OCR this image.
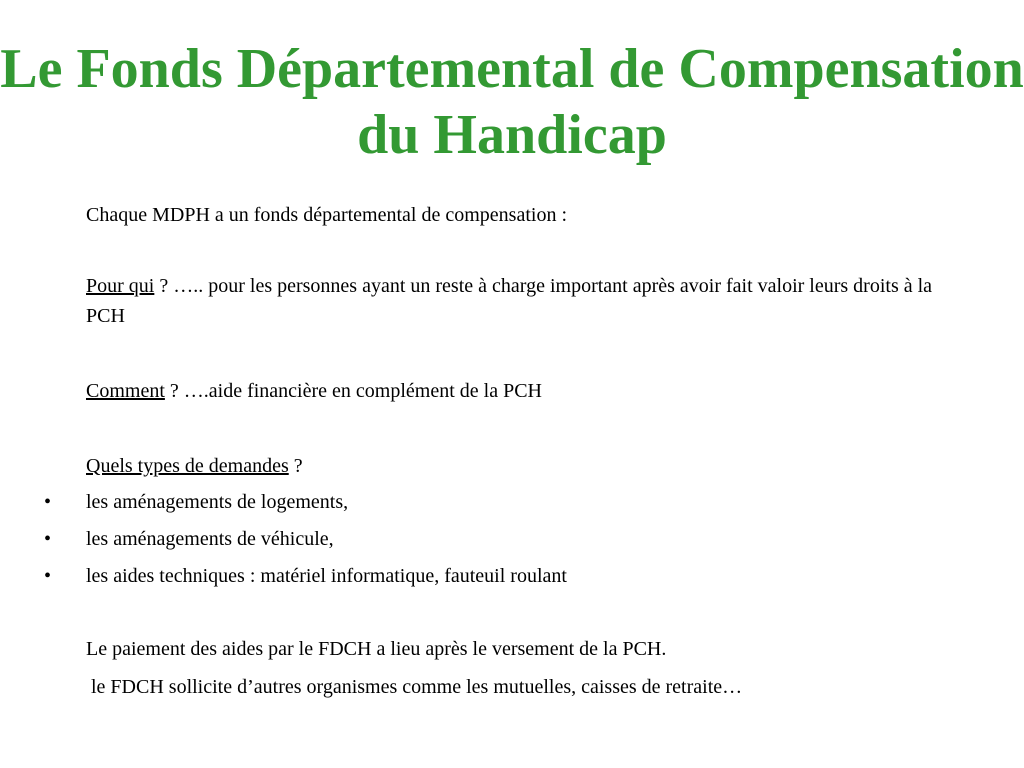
Le Fonds Départemental de Compensation du Handicap
Chaque MDPH a un fonds départemental de compensation :
Pour qui ? ….. pour les personnes ayant un reste à charge important après avoir fait valoir leurs droits à la PCH
Comment ? ….aide financière en complément de la PCH
Quels types de demandes ?
• les aménagements de logements,
• les aménagements de véhicule,
• les aides techniques : matériel informatique, fauteuil roulant
Le paiement des aides par le FDCH a lieu après le versement de la PCH.
le FDCH sollicite d’autres organismes comme les mutuelles, caisses de retraite…
